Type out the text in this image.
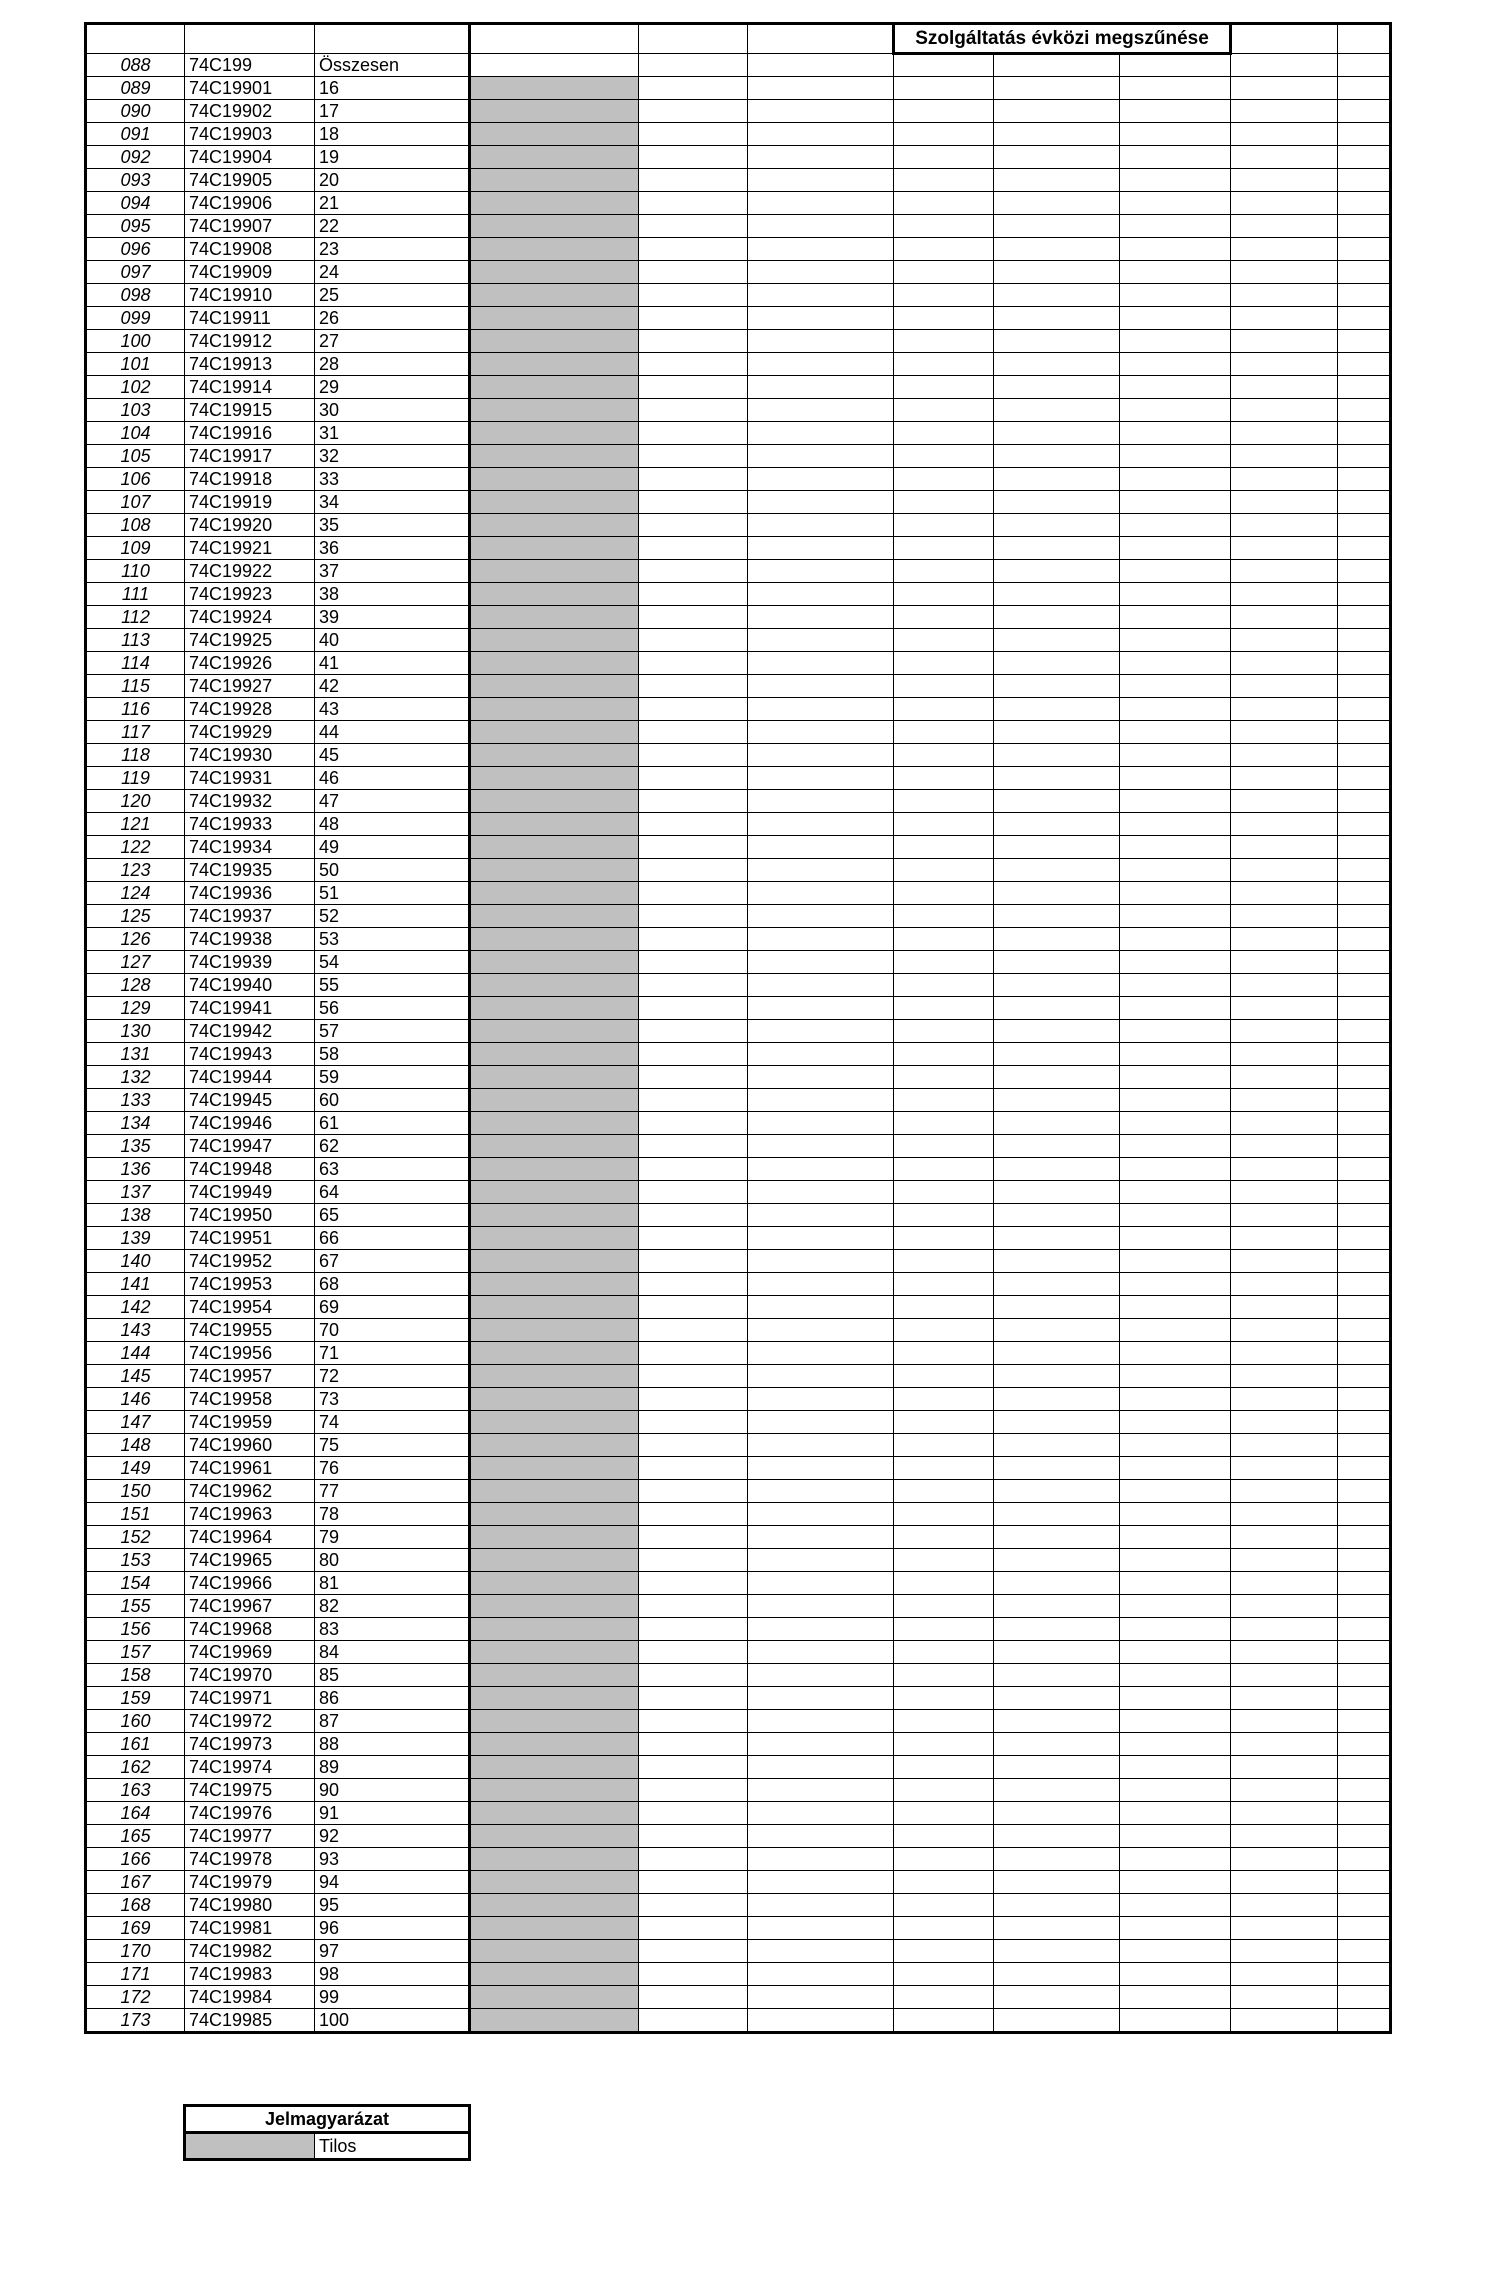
						Szolgáltatás évközi megszűnése				
088	74C199	Összesen								
089	74C19901	16								
090	74C19902	17								
091	74C19903	18								
092	74C19904	19								
093	74C19905	20								
094	74C19906	21								
095	74C19907	22								
096	74C19908	23								
097	74C19909	24								
098	74C19910	25								
099	74C19911	26								
100	74C19912	27								
101	74C19913	28								
102	74C19914	29								
103	74C19915	30								
104	74C19916	31								
105	74C19917	32								
106	74C19918	33								
107	74C19919	34								
108	74C19920	35								
109	74C19921	36								
110	74C19922	37								
111	74C19923	38								
112	74C19924	39								
113	74C19925	40								
114	74C19926	41								
115	74C19927	42								
116	74C19928	43								
117	74C19929	44								
118	74C19930	45								
119	74C19931	46								
120	74C19932	47								
121	74C19933	48								
122	74C19934	49								
123	74C19935	50								
124	74C19936	51								
125	74C19937	52								
126	74C19938	53								
127	74C19939	54								
128	74C19940	55								
129	74C19941	56								
130	74C19942	57								
131	74C19943	58								
132	74C19944	59								
133	74C19945	60								
134	74C19946	61								
135	74C19947	62								
136	74C19948	63								
137	74C19949	64								
138	74C19950	65								
139	74C19951	66								
140	74C19952	67								
141	74C19953	68								
142	74C19954	69								
143	74C19955	70								
144	74C19956	71								
145	74C19957	72								
146	74C19958	73								
147	74C19959	74								
148	74C19960	75								
149	74C19961	76								
150	74C19962	77								
151	74C19963	78								
152	74C19964	79								
153	74C19965	80								
154	74C19966	81								
155	74C19967	82								
156	74C19968	83								
157	74C19969	84								
158	74C19970	85								
159	74C19971	86								
160	74C19972	87								
161	74C19973	88								
162	74C19974	89								
163	74C19975	90								
164	74C19976	91								
165	74C19977	92								
166	74C19978	93								
167	74C19979	94								
168	74C19980	95								
169	74C19981	96								
170	74C19982	97								
171	74C19983	98								
172	74C19984	99								
173	74C19985	100								
Jelmagyarázat
	Tilos
